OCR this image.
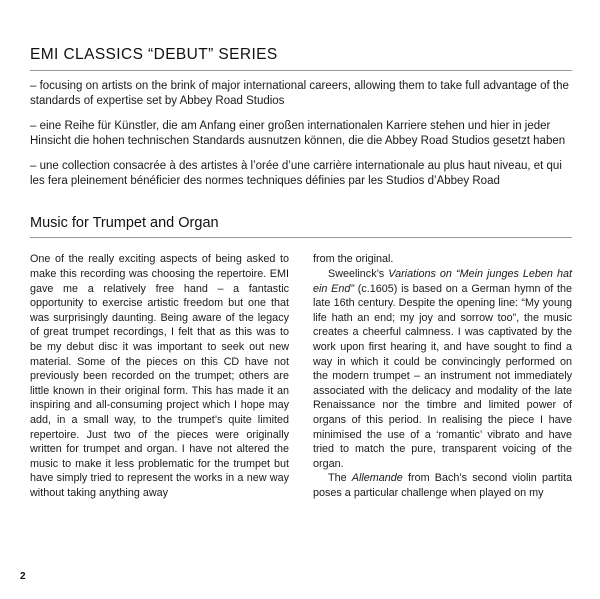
EMI CLASSICS “DEBUT” SERIES

– focusing on artists on the brink of major international careers, allowing them to take full advantage of the standards of expertise set by Abbey Road Studios

– eine Reihe für Künstler, die am Anfang einer großen internationalen Karriere stehen und hier in jeder Hinsicht die hohen technischen Standards ausnutzen können, die die Abbey Road Studios gesetzt haben

– une collection consacrée à des artistes à l’orée d’une carrière internationale au plus haut niveau, et qui les fera pleinement bénéficier des normes techniques définies par les Studios d’Abbey Road

Music for Trumpet and Organ

One of the really exciting aspects of being asked to make this recording was choosing the repertoire. EMI gave me a relatively free hand – a fantastic opportunity to exercise artistic freedom but one that was surprisingly daunting. Being aware of the legacy of great trumpet recordings, I felt that as this was to be my debut disc it was important to seek out new material. Some of the pieces on this CD have not previously been recorded on the trumpet; others are little known in their original form. This has made it an inspiring and all-consuming project which I hope may add, in a small way, to the trumpet’s quite limited repertoire. Just two of the pieces were originally written for trumpet and organ. I have not altered the music to make it less problematic for the trumpet but have simply tried to represent the works in a new way without taking anything away

from the original.

Sweelinck’s Variations on “Mein junges Leben hat ein End” (c.1605) is based on a German hymn of the late 16th century. Despite the opening line: “My young life hath an end; my joy and sorrow too”, the music creates a cheerful calmness. I was captivated by the work upon first hearing it, and have sought to find a way in which it could be convincingly performed on the modern trumpet – an instrument not immediately associated with the delicacy and modality of the late Renaissance nor the timbre and limited power of organs of this period. In realising the piece I have minimised the use of a ‘romantic’ vibrato and have tried to match the pure, transparent voicing of the organ.

The Allemande from Bach’s second violin partita poses a particular challenge when played on my

2
